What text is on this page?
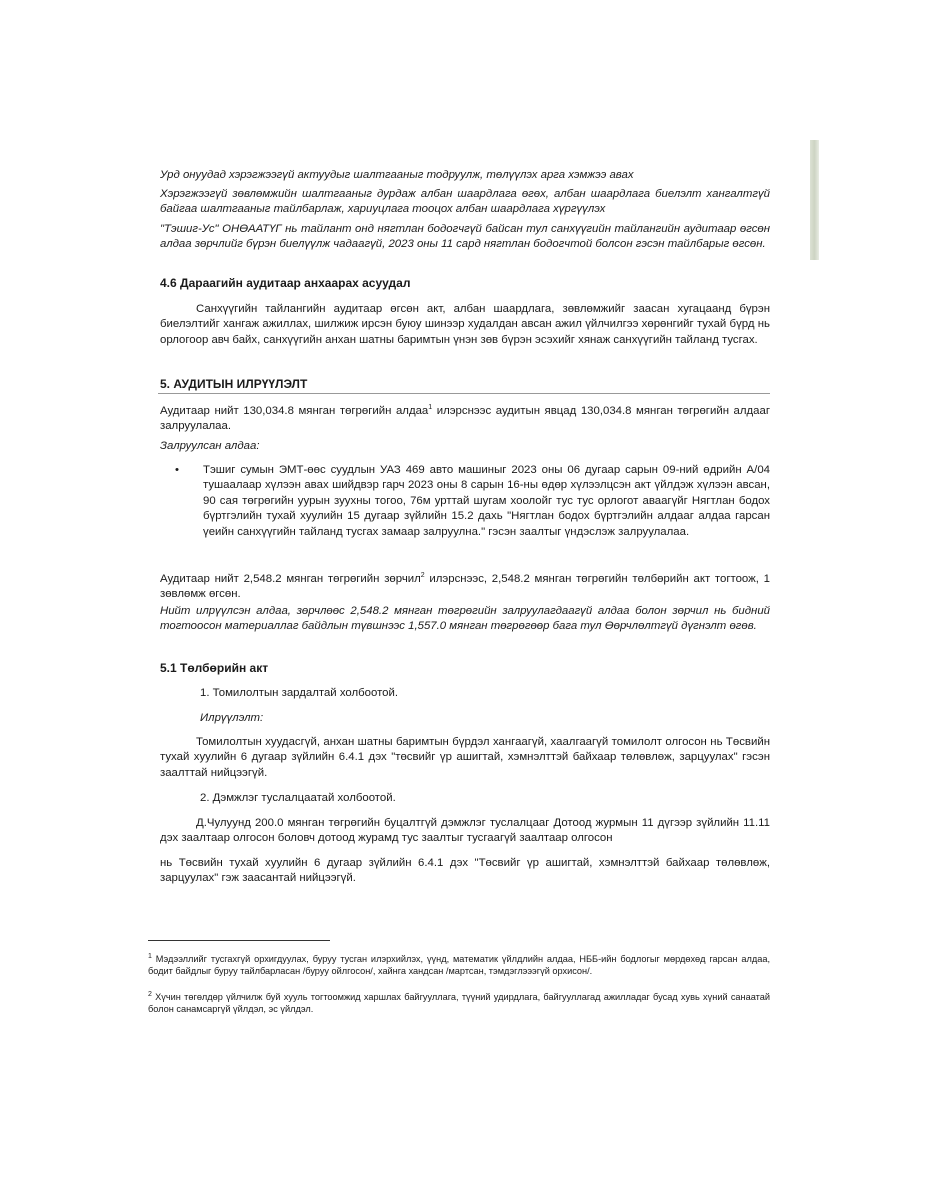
Урд онуудад хэрэгжээгүй актуудыг шалтгааныг тодруулж, төлүүлэх арга хэмжээ авах

Хэрэгжээгүй зөвлөмжийн шалтгааныг дурдаж албан шаардлага өгөх, албан шаардлага биелэлт хангалтгүй байгаа шалтгааныг тайлбарлаж, хариуцлага тооцох албан шаардлага хүргүүлэх

"Тэшиг-Ус" ОНӨААТҮГ нь тайлант онд нягтлан бодогчгүй байсан тул санхүүгийн тайлангийн аудитаар өгсөн алдаа зөрчлийг бүрэн биелүүлж чадаагүй, 2023 оны 11 сард нягтлан бодогчтой болсон гэсэн тайлбарыг өгсөн.

4.6 Дараагийн аудитаар анхаарах асуудал

Санхүүгийн тайлангийн аудитаар өгсөн акт, албан шаардлага, зөвлөмжийг заасан хугацаанд бүрэн биелэлтийг хангаж ажиллах, шилжиж ирсэн буюу шинээр худалдан авсан ажил үйлчилгээ хөрөнгийг тухай бүрд нь орлогоор авч байх, санхүүгийн анхан шатны баримтын үнэн зөв бүрэн эсэхийг хянаж санхүүгийн тайланд тусгах.

5. АУДИТЫН ИЛРҮҮЛЭЛТ

Аудитаар нийт 130,034.8 мянган төгрөгийн алдаа$^1$ илэрснээс аудитын явцад 130,034.8 мянган төгрөгийн алдааг залруулалаа.

Залруулсан алдаа:

• Тэшиг сумын ЭМТ-өөс суудлын УАЗ 469 авто машиныг 2023 оны 06 дугаар сарын 09-ний өдрийн А/04 тушаалаар хүлээн авах шийдвэр гарч 2023 оны 8 сарын 16-ны өдөр хүлээлцсэн акт үйлдэж хүлээн авсан, 90 сая төгрөгийн уурын зуухны тогоо, 76м урттай шугам хоолойг тус тус орлогот аваагүйг Нягтлан бодох бүртгэлийн тухай хуулийн 15 дугаар зүйлийн 15.2 дахь "Нягтлан бодох бүртгэлийн алдааг алдаа гарсан үеийн санхүүгийн тайланд тусгах замаар залруулна." гэсэн заалтыг үндэслэж залруулалаа.

Аудитаар нийт 2,548.2 мянган төгрөгийн зөрчил$^2$ илэрснээс, 2,548.2 мянган төгрөгийн төлбөрийн акт тогтоож, 1 зөвлөмж өгсөн.

Нийт илрүүлсэн алдаа, зөрчлөөс 2,548.2 мянган төгрөгийн залруулагдаагүй алдаа болон зөрчил нь бидний тогтоосон материаллаг байдлын түвшнээс 1,557.0 мянган төгрөгөөр бага тул Өөрчлөлтгүй дүгнэлт өгөв.

5.1 Төлбөрийн акт

1. Томилолтын зардалтай холбоотой.

Илрүүлэлт:

Томилолтын хуудасгүй, анхан шатны баримтын бүрдэл хангаагүй, хаалгаагүй томилолт олгосон нь Төсвийн тухай хуулийн 6 дугаар зүйлийн 6.4.1 дэх "төсвийг үр ашигтай, хэмнэлттэй байхаар төлөвлөж, зарцуулах" гэсэн заалттай нийцээгүй.

2. Дэмжлэг туслалцаатай холбоотой.

Д.Чулуунд 200.0 мянган төгрөгийн буцалтгүй дэмжлэг туслалцааг Дотоод журмын 11 дүгээр зүйлийн 11.11 дэх заалтаар олгосон боловч дотоод журамд тус заалтыг тусгаагүй заалтаар олгосон

нь Төсвийн тухай хуулийн 6 дугаар зүйлийн 6.4.1 дэх "Төсвийг үр ашигтай, хэмнэлттэй байхаар төлөвлөж, зарцуулах" гэж заасантай нийцээгүй.

$^1$ Мэдээллийг тусгахгүй орхигдуулах, буруу тусган илэрхийлэх, үүнд, математик үйлдлийн алдаа, НББ-ийн бодлогыг мөрдөхөд гарсан алдаа, бодит байдлыг буруу тайлбарласан /буруу ойлгосон/, хайнга хандсан /мартсан, тэмдэглэээгүй орхисон/.

$^2$ Хүчин төгөлдөр үйлчилж буй хууль тогтоомжид харшлах байгууллага, түүний удирдлага, байгууллагад ажилладаг бусад хувь хүний санаатай болон санамсаргүй үйлдэл, эс үйлдэл.
